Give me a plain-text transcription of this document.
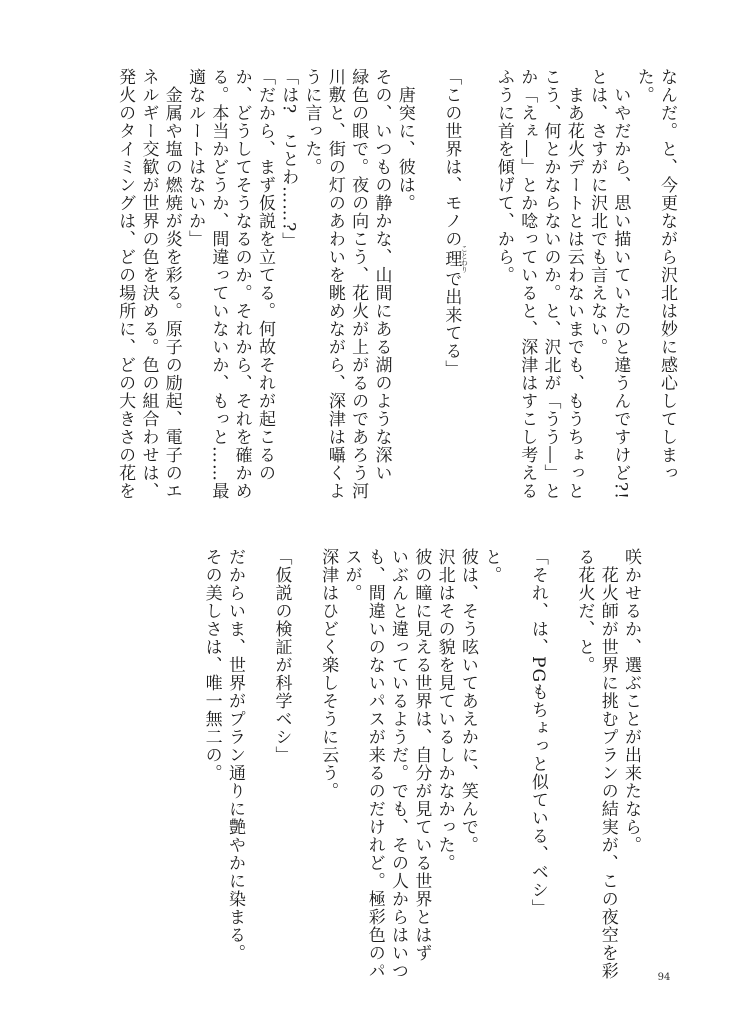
なんだ。と、今更ながら沢北は妙に感心してしまっ
た。
　いやだから、思い描いていたのと違うんですけど?!
とは、さすがに沢北でも言えない。
　まあ花火デートとは云わないまでも、もうちょっと
こう、何とかならないのか。と、沢北が「うう―」と
か「えぇ―」とか唸っていると、深津はすこし考える
ふうに首を傾げて、から。
「この世界は、モノの理 ことわりで出来てる」
　唐突に、彼は。
その、いつもの静かな、山間にある湖のような深い
緑色の眼で。夜の向こう、花火が上がるのであろう河
川敷と、街の灯のあわいを眺めながら、深津は囁くよ
うに言った。
「は?　ことわ……?」
「だから、まず仮説を立てる。何故それが起こるの
か、どうしてそうなるのか。それから、それを確かめ
る。本当かどうか、間違っていないか、もっと……最
適なルートはないか」
　金属や塩の燃焼が炎を彩る。原子の励起、電子のエ
ネルギー交歓が世界の色を決める。色の組合わせは、
発火のタイミングは、どの場所に、どの大きさの花を
咲かせるか、選ぶことが出来たなら。
　花火師が世界に挑むプランの結実が、この夜空を彩
る花火だ、と。
「それ、は、PGもちょっと似ている、ベシ」
と。
彼は、そう呟いてあえかに、笑んで。
沢北はその貌を見ているしかなかった。
彼の瞳に見える世界は、自分が見ている世界とはず
いぶんと違っているようだ。でも、その人からはいつ
も、間違いのないパスが来るのだけれど。極彩色のパ
スが。
深津はひどく楽しそうに云う。
「仮説の検証が科学ベシ」
だからいま、世界がプラン通りに艶やかに染まる。
その美しさは、唯一無二の。
94
